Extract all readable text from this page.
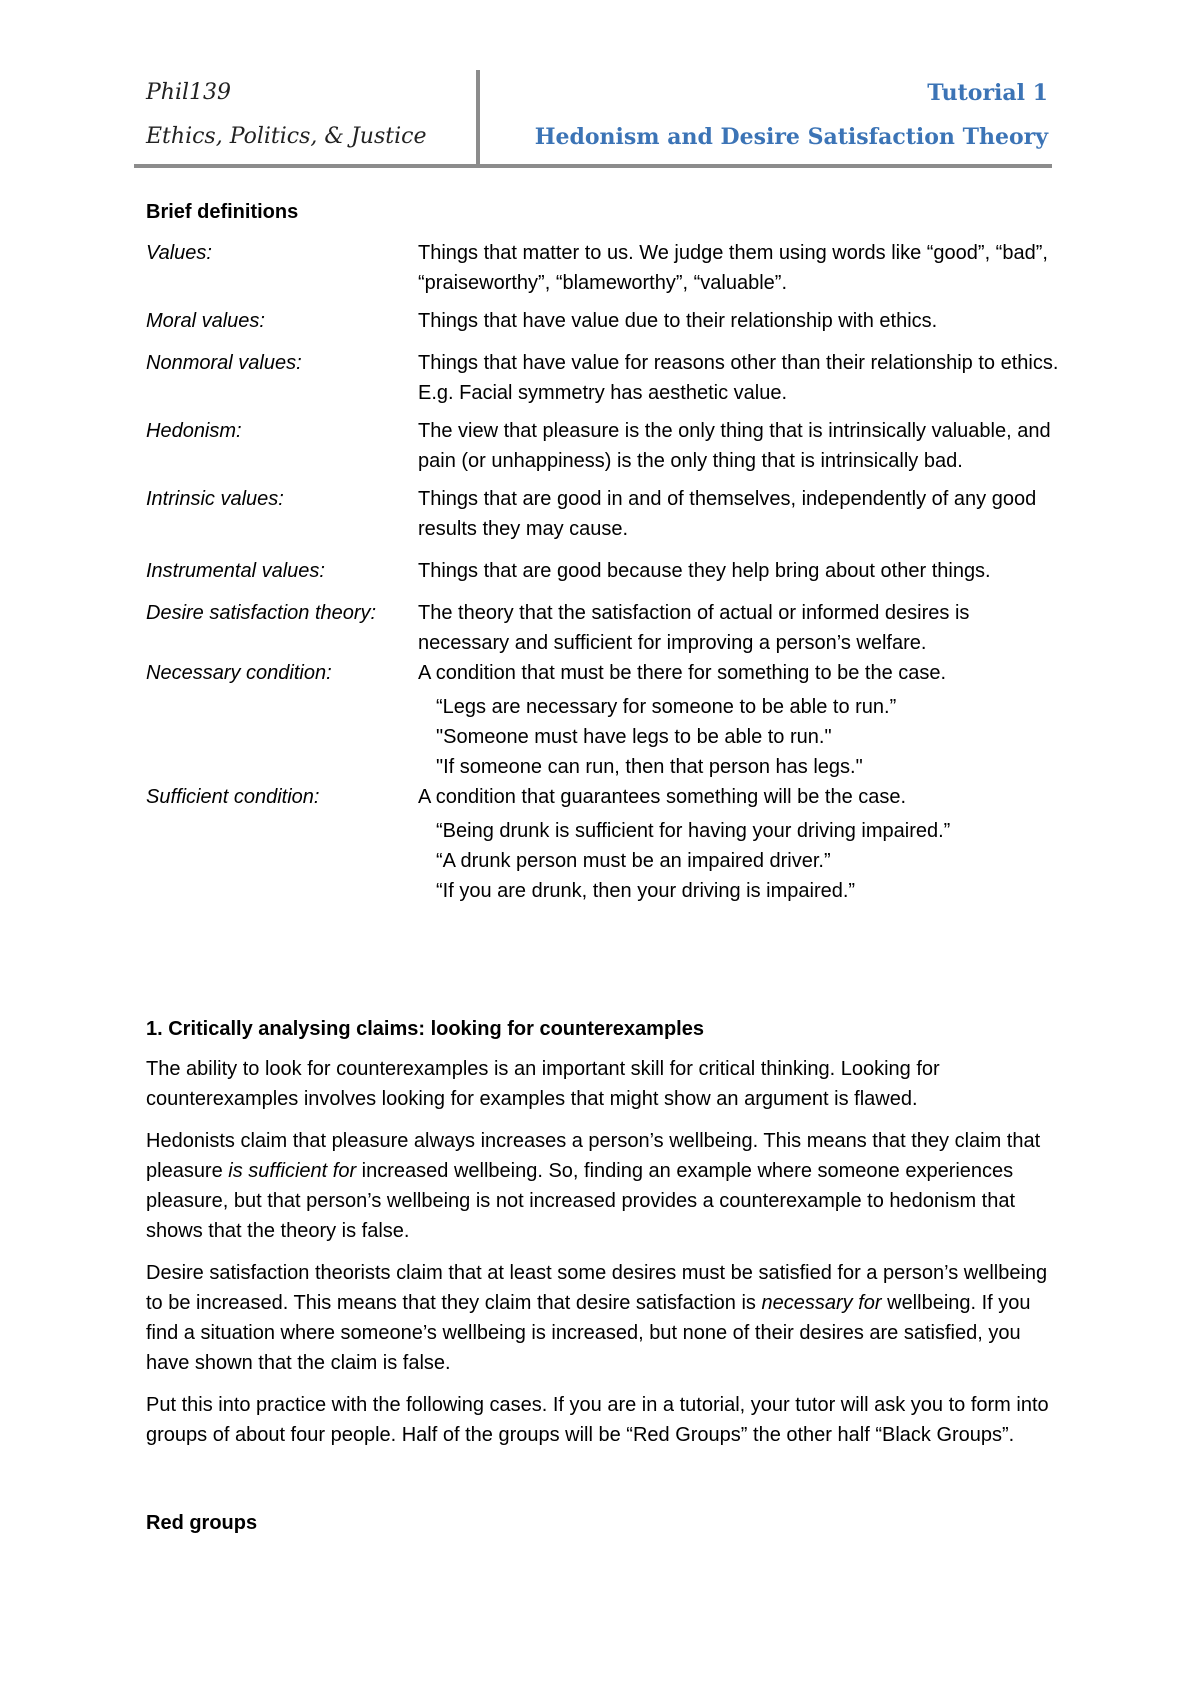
Phil139
Ethics, Politics, & Justice
Tutorial 1
Hedonism and Desire Satisfaction Theory
Brief definitions
Values:	Things that matter to us. We judge them using words like “good”, “bad”, “praiseworthy”, “blameworthy”, “valuable”.
Moral values:	Things that have value due to their relationship with ethics.
Nonmoral values:	Things that have value for reasons other than their relationship to ethics. E.g. Facial symmetry has aesthetic value.
Hedonism:	The view that pleasure is the only thing that is intrinsically valuable, and pain (or unhappiness) is the only thing that is intrinsically bad.
Intrinsic values:	Things that are good in and of themselves, independently of any good results they may cause.
Instrumental values:	Things that are good because they help bring about other things.
Desire satisfaction theory:	The theory that the satisfaction of actual or informed desires is necessary and sufficient for improving a person’s welfare.
Necessary condition:	A condition that must be there for something to be the case.
“Legs are necessary for someone to be able to run.”
"Someone must have legs to be able to run."
"If someone can run, then that person has legs."
Sufficient condition:	A condition that guarantees something will be the case.
“Being drunk is sufficient for having your driving impaired.”
“A drunk person must be an impaired driver.”
“If you are drunk, then your driving is impaired.”
1. Critically analysing claims: looking for counterexamples

The ability to look for counterexamples is an important skill for critical thinking. Looking for counterexamples involves looking for examples that might show an argument is flawed.

Hedonists claim that pleasure always increases a person’s wellbeing. This means that they claim that pleasure is sufficient for increased wellbeing. So, finding an example where someone experiences pleasure, but that person’s wellbeing is not increased provides a counterexample to hedonism that shows that the theory is false.

Desire satisfaction theorists claim that at least some desires must be satisfied for a person’s wellbeing to be increased. This means that they claim that desire satisfaction is necessary for wellbeing. If you find a situation where someone’s wellbeing is increased, but none of their desires are satisfied, you have shown that the claim is false.

Put this into practice with the following cases. If you are in a tutorial, your tutor will ask you to form into groups of about four people. Half of the groups will be “Red Groups” the other half “Black Groups”.

Red groups
